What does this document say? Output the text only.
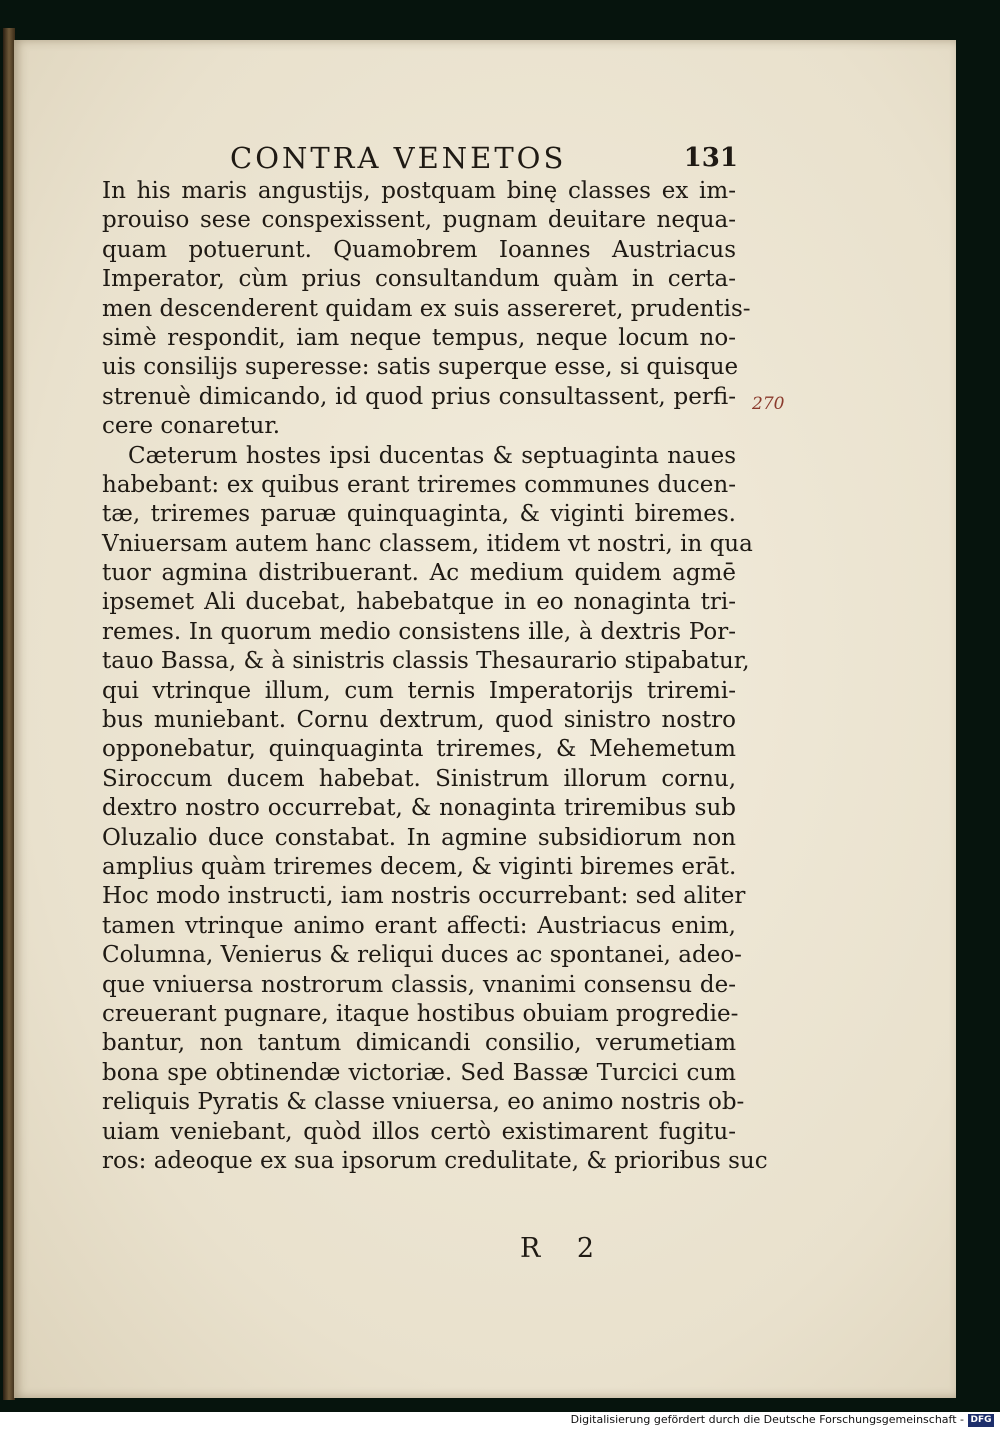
CONTRA VENETOS	131
In his maris angustijs, postquam binę classes ex im-
prouiso sese conspexissent, pugnam deuitare nequa-
quam potuerunt. Quamobrem Ioannes Austriacus
Imperator, cùm prius consultandum quàm in certa-
men descenderent quidam ex suis assereret, prudentis-
simè respondit, iam neque tempus, neque locum no-
uis consilijs superesse: satis superque esse, si quisque
strenuè dimicando, id quod prius consultassent, perfi-
cere conaretur.
Cæterum hostes ipsi ducentas & septuaginta naues
habebant: ex quibus erant triremes communes ducen-
tæ, triremes paruæ quinquaginta, & viginti biremes.
Vniuersam autem hanc classem, itidem vt nostri, in qua
tuor agmina distribuerant. Ac medium quidem agmē
ipsemet Ali ducebat, habebatque in eo nonaginta tri-
remes. In quorum medio consistens ille, à dextris Por-
tauo Bassa, & à sinistris classis Thesaurario stipabatur,
qui vtrinque illum, cum ternis Imperatorijs triremi-
bus muniebant. Cornu dextrum, quod sinistro nostro
opponebatur, quinquaginta triremes, & Mehemetum
Siroccum ducem habebat. Sinistrum illorum cornu,
dextro nostro occurrebat, & nonaginta triremibus sub
Oluzalio duce constabat. In agmine subsidiorum non
amplius quàm triremes decem, & viginti biremes erāt.
Hoc modo instructi, iam nostris occurrebant: sed aliter
tamen vtrinque animo erant affecti: Austriacus enim,
Columna, Venierus & reliqui duces ac spontanei, adeo-
que vniuersa nostrorum classis, vnanimi consensu de-
creuerant pugnare, itaque hostibus obuiam progredie-
bantur, non tantum dimicandi consilio, verumetiam
bona spe obtinendæ victoriæ. Sed Bassæ Turcici cum
reliquis Pyratis & classe vniuersa, eo animo nostris ob-
uiam veniebant, quòd illos certò existimarent fugitu-
ros: adeoque ex sua ipsorum credulitate, & prioribus suc
R 2
270
Digitalisierung gefördert durch die Deutsche Forschungsgemeinschaft - DFG
